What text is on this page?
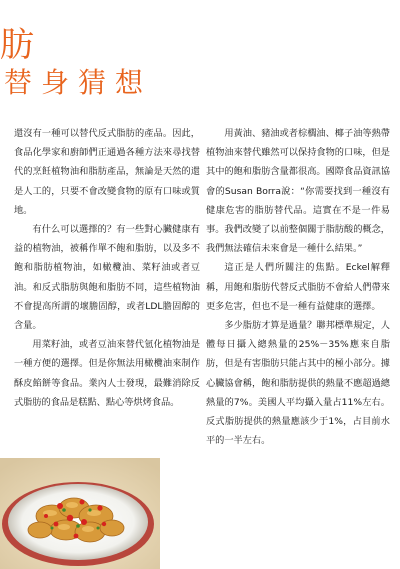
肪
替身猜想

還沒有一種可以替代反式脂肪的產品。因此，食品化學家和廚師們正通過各種方法來尋找替代的烹飪植物油和脂肪產品，無論是天然的還是人工的，只要不會改變食物的原有口味或質地。

有什么可以選擇的？有一些對心臟健康有益的植物油，被稱作單不飽和脂肪，以及多不飽和脂肪植物油，如橄欖油、菜籽油或者豆油。和反式脂肪與飽和脂肪不同，這些植物油不會提高所謂的壞膽固醇，或者LDL膽固醇的含量。

用菜籽油，或者豆油來替代氫化植物油是一種方便的選擇。但是你無法用橄欖油來制作酥皮餡餅等食品。業內人士發現，最難消除反式脂肪的食品是糕點、點心等烘烤食品。

用黃油、豬油或者棕櫚油、椰子油等熱帶植物油來替代雖然可以保持食物的口味，但是其中的飽和脂肪含量都很高。國際食品資訊協會的Susan Borra說：“你需要找到一種沒有健康危害的脂肪替代品。這實在不是一件易事。我們改變了以前整個關于脂肪酸的概念，我們無法確信未來會是一種什么結果。”

這正是人們所關注的焦點。Eckel解釋稱，用飽和脂肪代替反式脂肪不會給人們帶來更多危害，但也不是一種有益健康的選擇。

多少脂肪才算是過量？聯邦標準規定，人體每日攝入總熱量的25%－35%應來自脂肪，但是有害脂肪只能占其中的極小部分。據心臟協會稱，飽和脂肪提供的熱量不應超過總熱量的7%。美國人平均攝入量占11%左右。反式脂肪提供的熱量應該少于1%，占目前水平的一半左右。
